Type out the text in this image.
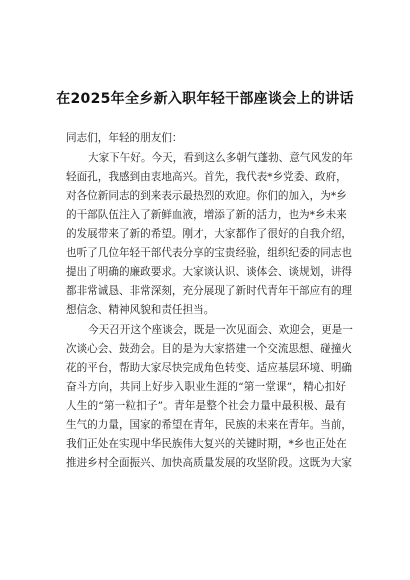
在2025年全乡新入职年轻干部座谈会上的讲话
同志们，年轻的朋友们：
大家下午好。今天，看到这么多朝气蓬勃、意气风发的年
轻面孔，我感到由衷地高兴。首先，我代表*乡党委、政府，
对各位新同志的到来表示最热烈的欢迎。你们的加入，为*乡
的干部队伍注入了新鲜血液，增添了新的活力，也为*乡未来
的发展带来了新的希望。刚才，大家都作了很好的自我介绍，
也听了几位年轻干部代表分享的宝贵经验，组织纪委的同志也
提出了明确的廉政要求。大家谈认识、谈体会、谈规划，讲得
都非常诚恳、非常深刻，充分展现了新时代青年干部应有的理
想信念、精神风貌和责任担当。
今天召开这个座谈会，既是一次见面会、欢迎会，更是一
次谈心会、鼓劲会。目的是为大家搭建一个交流思想、碰撞火
花的平台，帮助大家尽快完成角色转变、适应基层环境、明确
奋斗方向，共同上好步入职业生涯的“第一堂课”，精心扣好
人生的“第一粒扣子”。青年是整个社会力量中最积极、最有
生气的力量，国家的希望在青年，民族的未来在青年。当前，
我们正处在实现中华民族伟大复兴的关键时期，*乡也正处在
推进乡村全面振兴、加快高质量发展的攻坚阶段。这既为大家
